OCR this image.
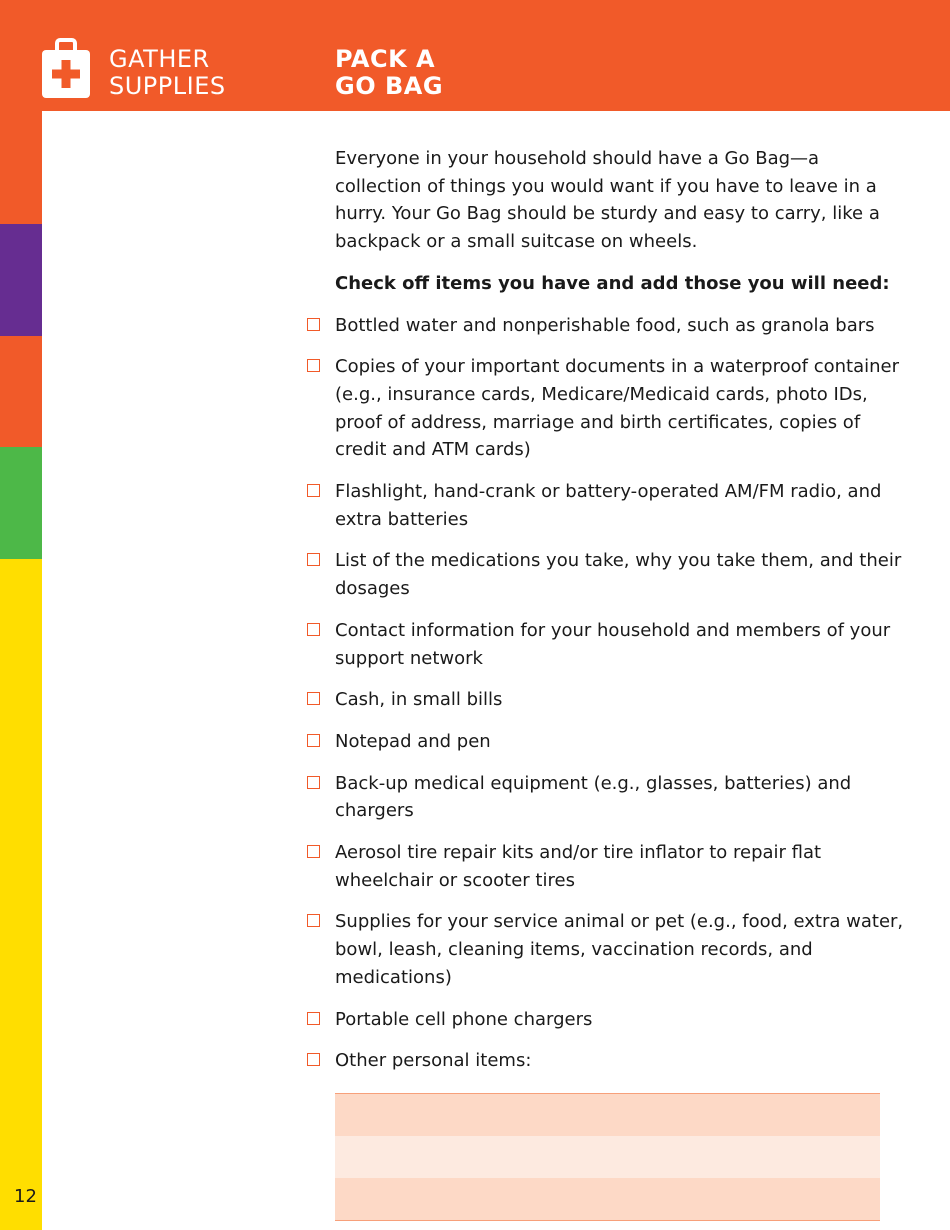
GATHER
SUPPLIES
PACK A
GO BAG

Everyone in your household should have a Go Bag—a collection of things you would want if you have to leave in a hurry. Your Go Bag should be sturdy and easy to carry, like a backpack or a small suitcase on wheels.

Check off items you have and add those you will need:

Bottled water and nonperishable food, such as granola bars
Copies of your important documents in a waterproof container (e.g., insurance cards, Medicare/Medicaid cards, photo IDs, proof of address, marriage and birth certificates, copies of credit and ATM cards)
Flashlight, hand-crank or battery-operated AM/FM radio, and extra batteries
List of the medications you take, why you take them, and their dosages
Contact information for your household and members of your support network
Cash, in small bills
Notepad and pen
Back-up medical equipment (e.g., glasses, batteries) and chargers
Aerosol tire repair kits and/or tire inflator to repair flat wheelchair or scooter tires
Supplies for your service animal or pet (e.g., food, extra water, bowl, leash, cleaning items, vaccination records, and medications)
Portable cell phone chargers
Other personal items:
12
